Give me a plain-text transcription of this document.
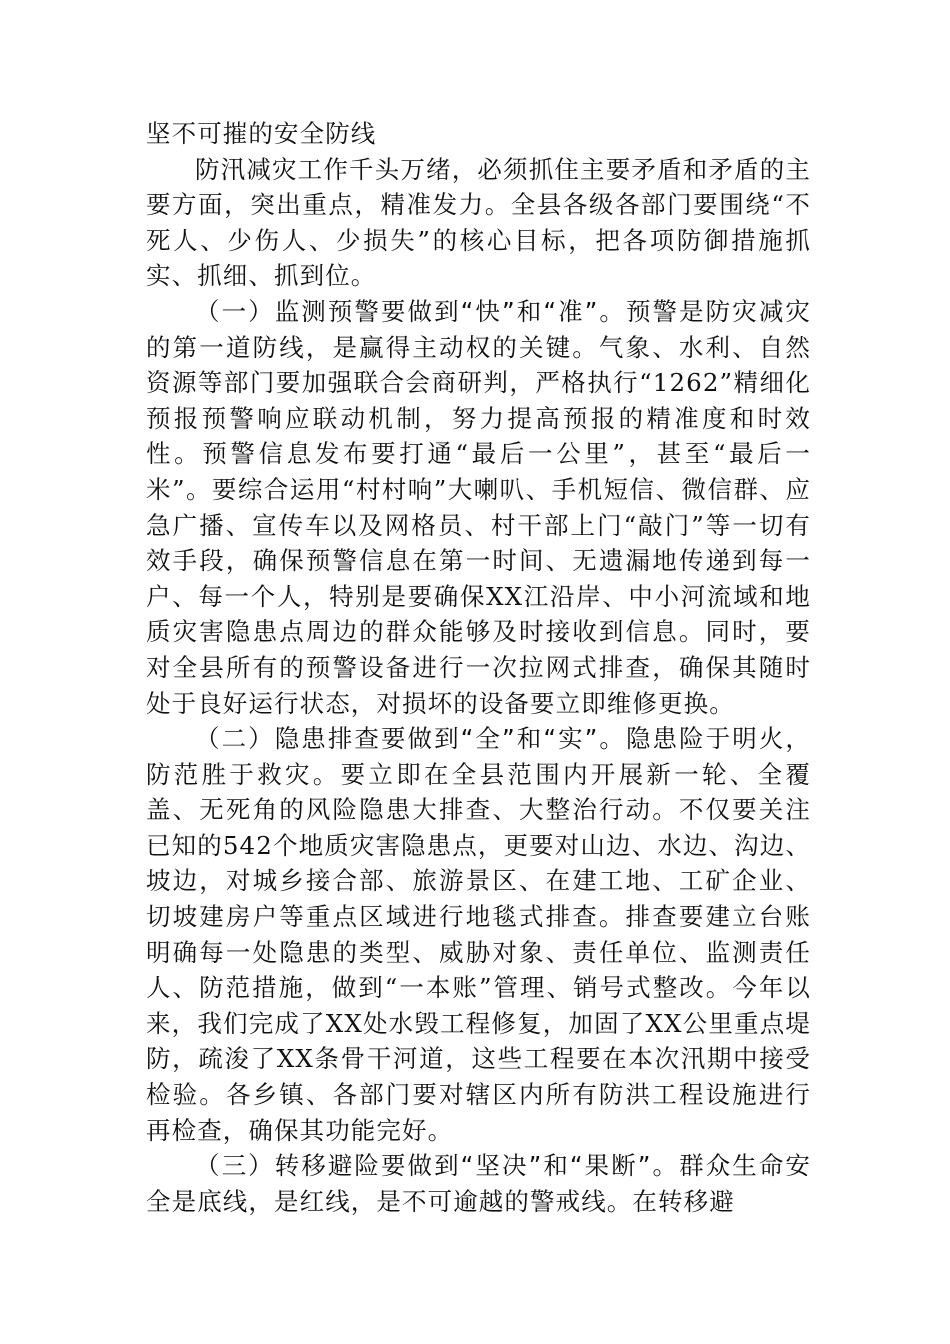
坚不可摧的安全防线

防汛减灾工作千头万绪，必须抓住主要矛盾和矛盾的主要方面，突出重点，精准发力。全县各级各部门要围绕“不死人、少伤人、少损失”的核心目标，把各项防御措施抓实、抓细、抓到位。

（一）监测预警要做到“快”和“准”。预警是防灾减灾的第一道防线，是赢得主动权的关键。气象、水利、自然资源等部门要加强联合会商研判，严格执行“1262”精细化预报预警响应联动机制，努力提高预报的精准度和时效性。预警信息发布要打通“最后一公里”，甚至“最后一米”。要综合运用“村村响”大喇叭、手机短信、微信群、应急广播、宣传车以及网格员、村干部上门“敲门”等一切有效手段，确保预警信息在第一时间、无遗漏地传递到每一户、每一个人，特别是要确保XX江沿岸、中小河流域和地质灾害隐患点周边的群众能够及时接收到信息。同时，要对全县所有的预警设备进行一次拉网式排查，确保其随时处于良好运行状态，对损坏的设备要立即维修更换。

（二）隐患排查要做到“全”和“实”。隐患险于明火，防范胜于救灾。要立即在全县范围内开展新一轮、全覆盖、无死角的风险隐患大排查、大整治行动。不仅要关注已知的542个地质灾害隐患点，更要对山边、水边、沟边、坡边，对城乡接合部、旅游景区、在建工地、工矿企业、切坡建房户等重点区域进行地毯式排查。排查要建立台账明确每一处隐患的类型、威胁对象、责任单位、监测责任人、防范措施，做到“一本账”管理、销号式整改。今年以来，我们完成了XX处水毁工程修复，加固了XX公里重点堤防，疏浚了XX条骨干河道，这些工程要在本次汛期中接受检验。各乡镇、各部门要对辖区内所有防洪工程设施进行再检查，确保其功能完好。

（三）转移避险要做到“坚决”和“果断”。群众生命安全是底线，是红线，是不可逾越的警戒线。在转移避
